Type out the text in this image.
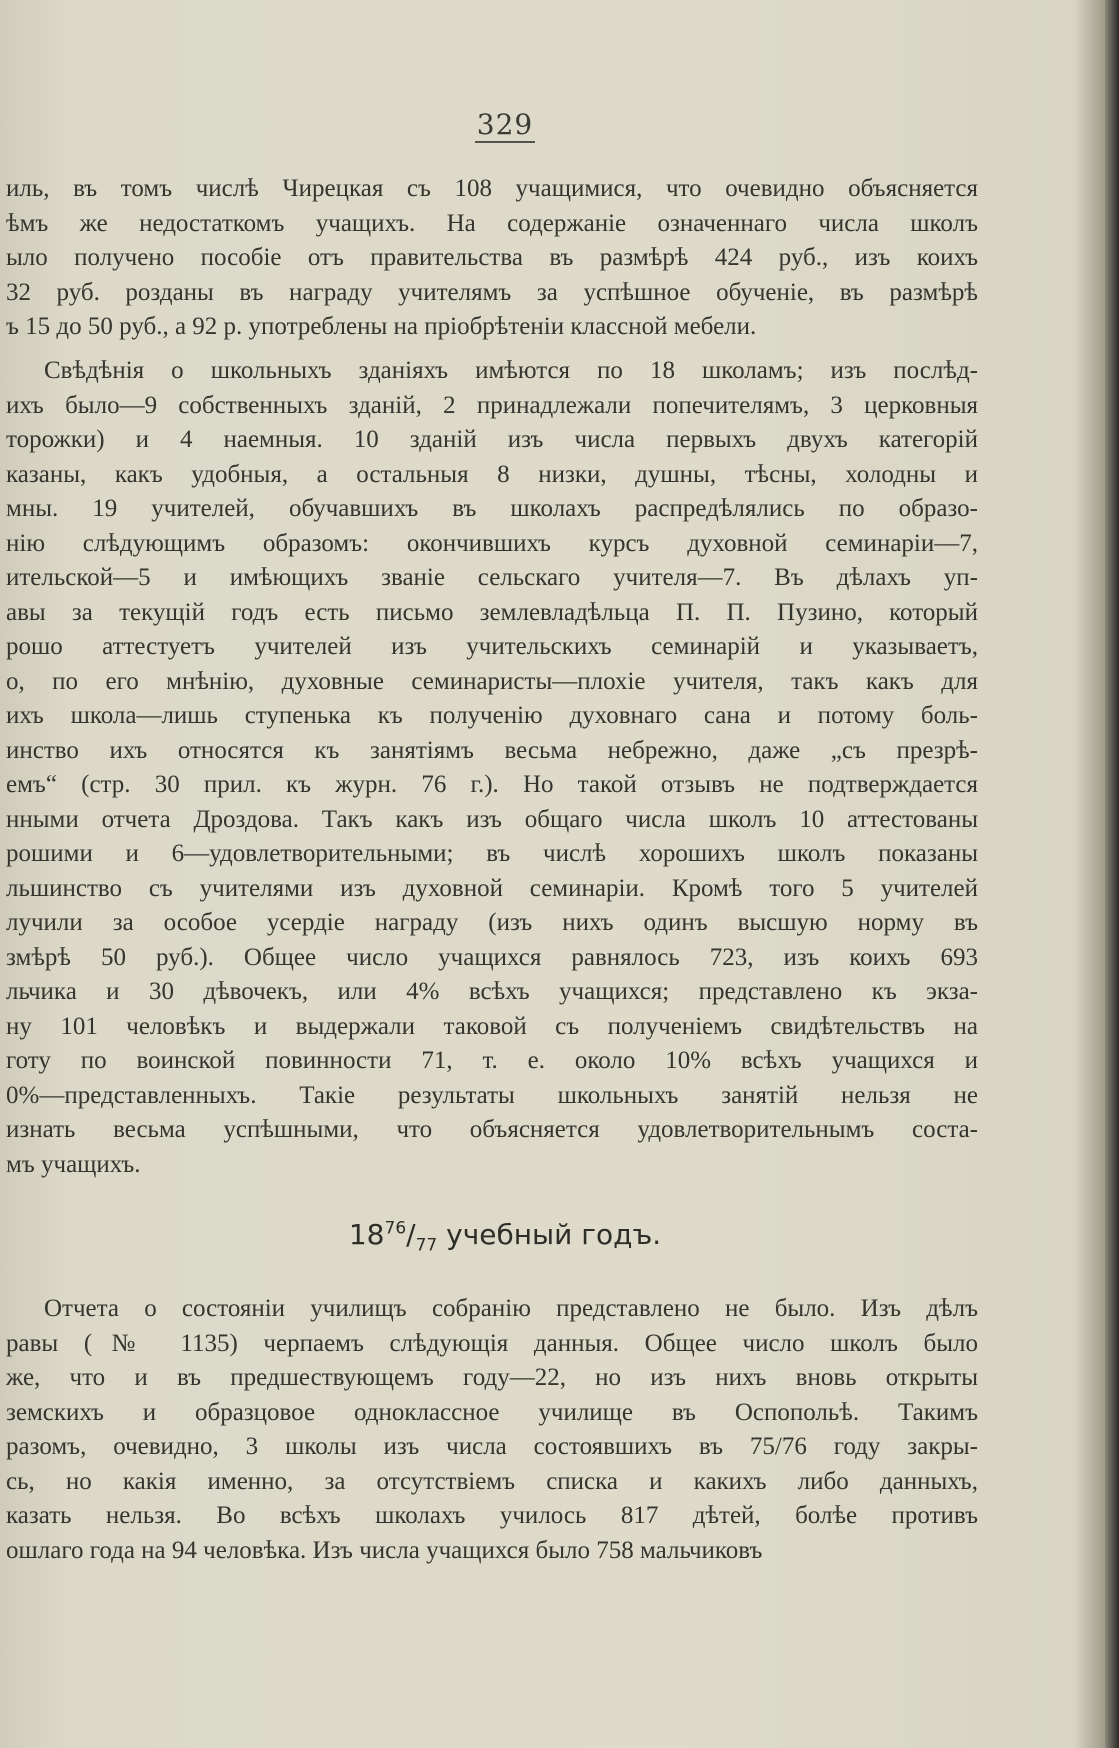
329
иль, въ томъ числѣ Чирецкая съ 108 учащимися, что очевидно объясняется
ѣмъ же недостаткомъ учащихъ. На содержаніе означеннаго числа школъ
ыло получено пособіе отъ правительства въ размѣрѣ 424 руб., изъ коихъ
32 руб. розданы въ награду учителямъ за успѣшное обученіе, въ размѣрѣ
ъ 15 до 50 руб., а 92 р. употреблены на пріобрѣтеніи классной мебели.
Свѣдѣнія о школьныхъ зданіяхъ имѣются по 18 школамъ; изъ послѣд-
ихъ было—9 собственныхъ зданій, 2 принадлежали попечителямъ, 3 церковныя
торожки) и 4 наемныя. 10 зданій изъ числа первыхъ двухъ категорій
казаны, какъ удобныя, а остальныя 8 низки, душны, тѣсны, холодны и
мны. 19 учителей, обучавшихъ въ школахъ распредѣлялись по образо-
нію слѣдующимъ образомъ: окончившихъ курсъ духовной семинаріи—7,
ительской—5 и имѣющихъ званіе сельскаго учителя—7. Въ дѣлахъ уп-
авы за текущій годъ есть письмо землевладѣльца П. П. Пузино, который
рошо аттестуетъ учителей изъ учительскихъ семинарій и указываетъ,
о, по его мнѣнію, духовные семинаристы—плохіе учителя, такъ какъ для
ихъ школа—лишь ступенька къ полученію духовнаго сана и потому боль-
инство ихъ относятся къ занятіямъ весьма небрежно, даже „съ презрѣ-
емъ“ (стр. 30 прил. къ журн. 76 г.). Но такой отзывъ не подтверждается
нными отчета Дроздова. Такъ какъ изъ общаго числа школъ 10 аттестованы
рошими и 6—удовлетворительными; въ числѣ хорошихъ школъ показаны
льшинство съ учителями изъ духовной семинаріи. Кромѣ того 5 учителей
лучили за особое усердіе награду (изъ нихъ одинъ высшую норму въ
змѣрѣ 50 руб.). Общее число учащихся равнялось 723, изъ коихъ 693
льчика и 30 дѣвочекъ, или 4% всѣхъ учащихся; представлено къ экза-
ну 101 человѣкъ и выдержали таковой съ полученіемъ свидѣтельствъ на
готу по воинской повинности 71, т. е. около 10% всѣхъ учащихся и
0%—представленныхъ. Такіе результаты школьныхъ занятій нельзя не
изнать весьма успѣшными, что объясняется удовлетворительнымъ соста-
мъ учащихъ.
$18^{76}/_{77}$ учебный годъ.
Отчета о состояніи училищъ собранію представлено не было. Изъ дѣлъ
равы (№ 1135) черпаемъ слѣдующія данныя. Общее число школъ было
же, что и въ предшествующемъ году—22, но изъ нихъ вновь открыты
земскихъ и образцовое одноклассное училище въ Оспопольѣ. Такимъ
разомъ, очевидно, 3 школы изъ числа состоявшихъ въ 75/76 году закры-
сь, но какія именно, за отсутствіемъ списка и какихъ либо данныхъ,
казать нельзя. Во всѣхъ школахъ училось 817 дѣтей, болѣе противъ
ошлаго года на 94 человѣка. Изъ числа учащихся было 758 мальчиковъ
